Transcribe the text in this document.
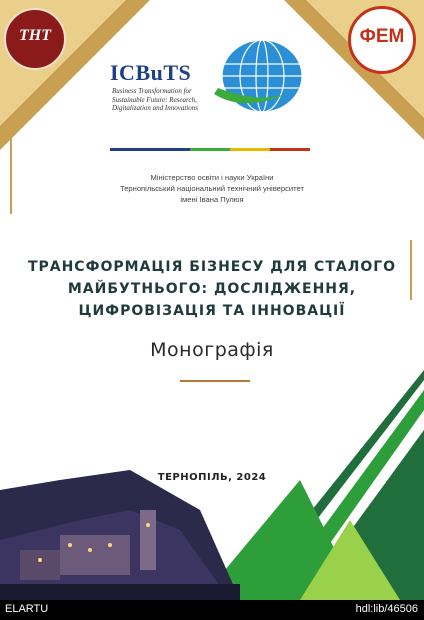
ТНТ	ФЕМ
ICBuTS
Business Transformation for Sustainable Future: Research, Digitalization and Innovations
Міністерство освіти і науки України
Тернопільський національний технічний університет
імені Івана Пулюя
ТРАНСФОРМАЦІЯ БІЗНЕСУ ДЛЯ СТАЛОГО
МАЙБУТНЬОГО: ДОСЛІДЖЕННЯ,
ЦИФРОВІЗАЦІЯ ТА ІННОВАЦІЇ
Монографія
ТЕРНОПІЛЬ, 2024
ELARTU	hdl:lib/46506
